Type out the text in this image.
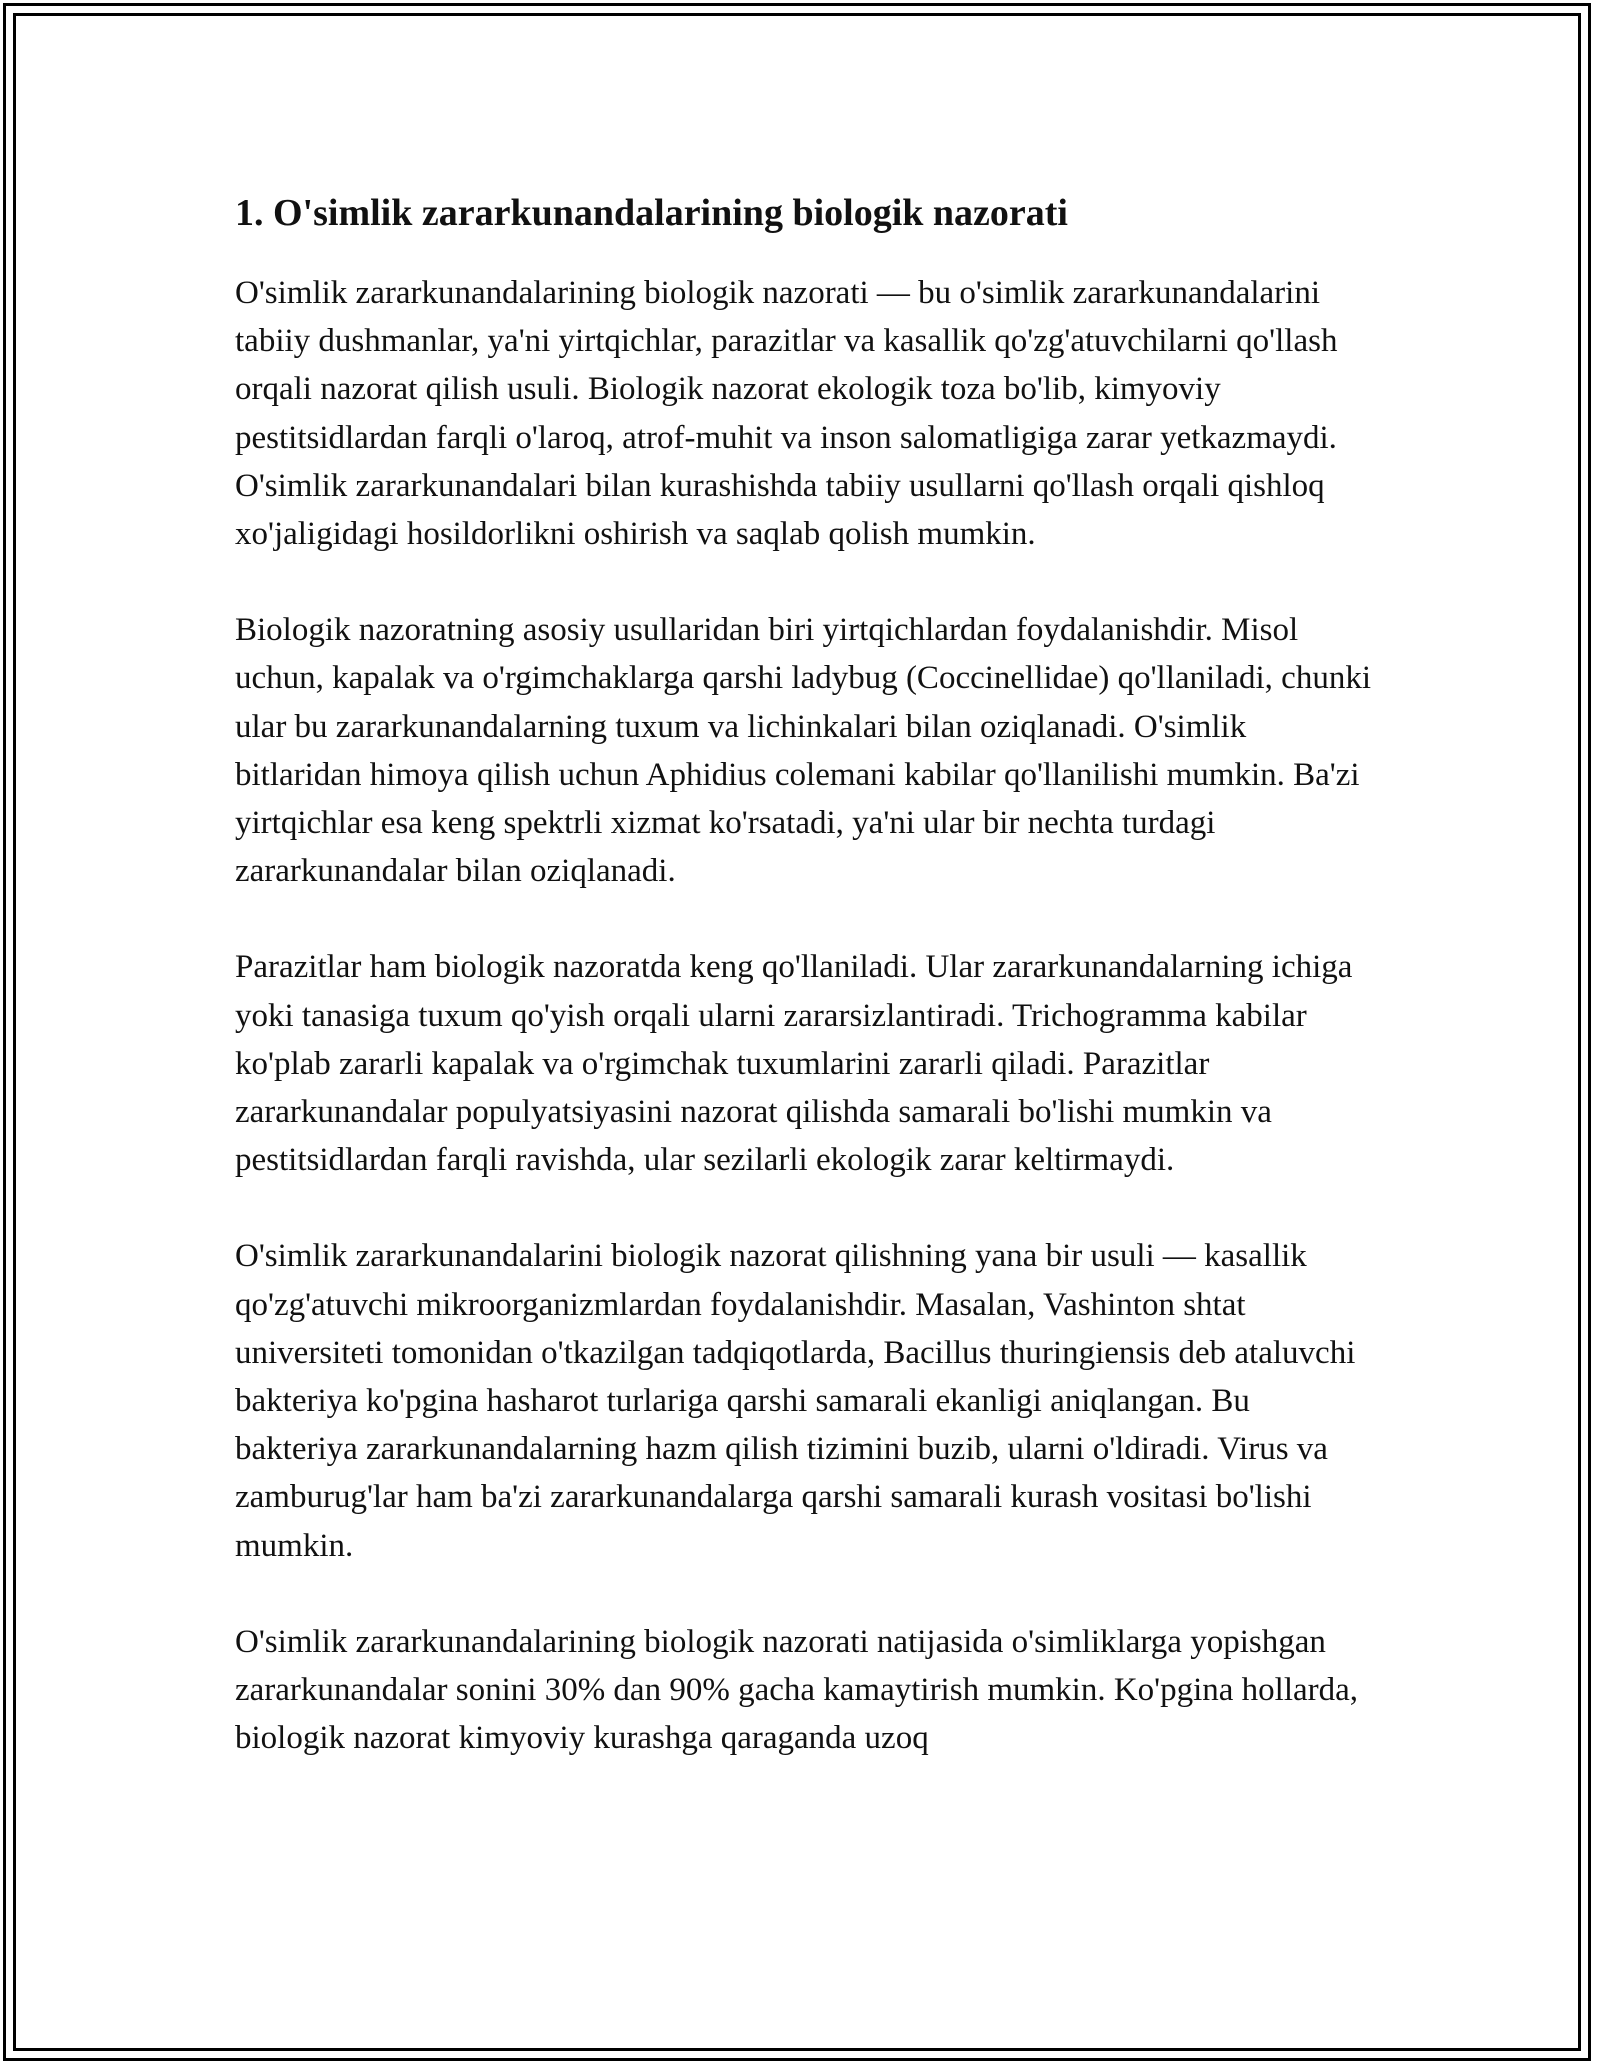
1. O'simlik zararkunandalarining biologik nazorati

O'simlik zararkunandalarining biologik nazorati — bu o'simlik zararkunandalarini tabiiy dushmanlar, ya'ni yirtqichlar, parazitlar va kasallik qo'zg'atuvchilarni qo'llash orqali nazorat qilish usuli. Biologik nazorat ekologik toza bo'lib, kimyoviy pestitsidlardan farqli o'laroq, atrof-muhit va inson salomatligiga zarar yetkazmaydi. O'simlik zararkunandalari bilan kurashishda tabiiy usullarni qo'llash orqali qishloq xo'jaligidagi hosildorlikni oshirish va saqlab qolish mumkin.

Biologik nazoratning asosiy usullaridan biri yirtqichlardan foydalanishdir. Misol uchun, kapalak va o'rgimchaklarga qarshi ladybug (Coccinellidae) qo'llaniladi, chunki ular bu zararkunandalarning tuxum va lichinkalari bilan oziqlanadi. O'simlik bitlaridan himoya qilish uchun Aphidius colemani kabilar qo'llanilishi mumkin. Ba'zi yirtqichlar esa keng spektrli xizmat ko'rsatadi, ya'ni ular bir nechta turdagi zararkunandalar bilan oziqlanadi.

Parazitlar ham biologik nazoratda keng qo'llaniladi. Ular zararkunandalarning ichiga yoki tanasiga tuxum qo'yish orqali ularni zararsizlantiradi. Trichogramma kabilar ko'plab zararli kapalak va o'rgimchak tuxumlarini zararli qiladi. Parazitlar zararkunandalar populyatsiyasini nazorat qilishda samarali bo'lishi mumkin va pestitsidlardan farqli ravishda, ular sezilarli ekologik zarar keltirmaydi.

O'simlik zararkunandalarini biologik nazorat qilishning yana bir usuli — kasallik qo'zg'atuvchi mikroorganizmlardan foydalanishdir. Masalan, Vashinton shtat universiteti tomonidan o'tkazilgan tadqiqotlarda, Bacillus thuringiensis deb ataluvchi bakteriya ko'pgina hasharot turlariga qarshi samarali ekanligi aniqlangan. Bu bakteriya zararkunandalarning hazm qilish tizimini buzib, ularni o'ldiradi. Virus va zamburug'lar ham ba'zi zararkunandalarga qarshi samarali kurash vositasi bo'lishi mumkin.

O'simlik zararkunandalarining biologik nazorati natijasida o'simliklarga yopishgan zararkunandalar sonini 30% dan 90% gacha kamaytirish mumkin. Ko'pgina hollarda, biologik nazorat kimyoviy kurashga qaraganda uzoq
